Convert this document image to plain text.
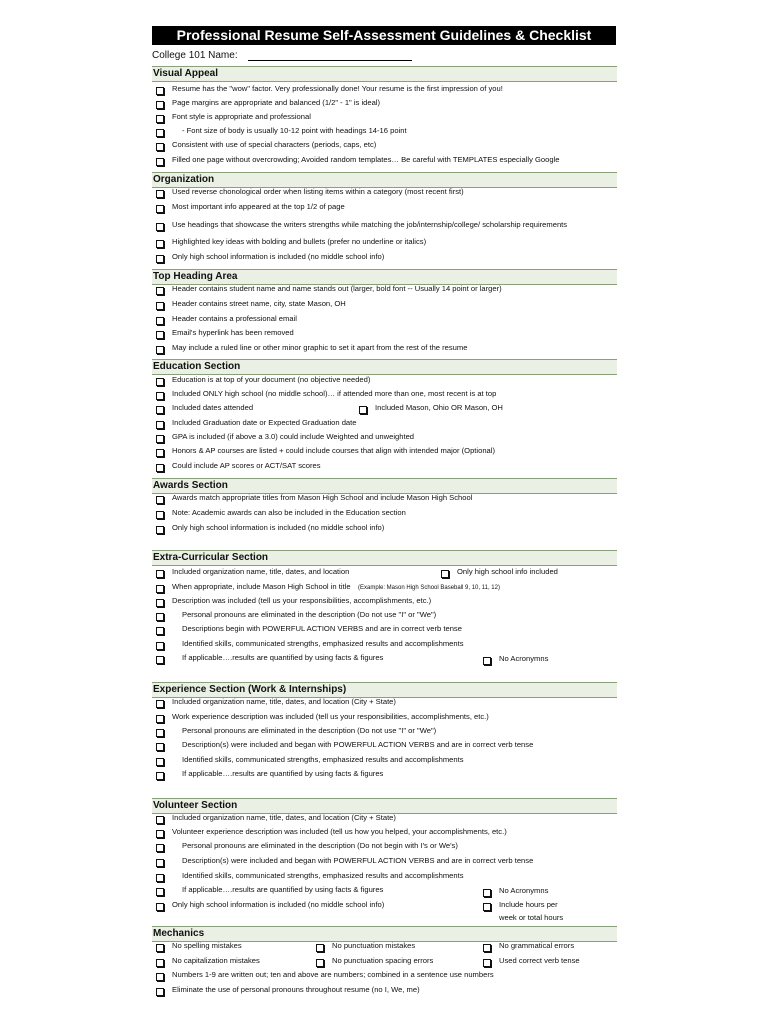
Professional Resume Self-Assessment Guidelines & Checklist
College 101 Name:
Visual Appeal
Resume has the "wow" factor. Very professionally done! Your resume is the first impression of you!
Page margins are appropriate and balanced (1/2" - 1" is ideal)
Font style is appropriate and professional
- Font size of body is usually 10-12 point with headings 14-16 point
Consistent with use of special characters (periods, caps, etc)
Filled one page without overcrowding; Avoided random templates… Be careful with TEMPLATES especially Google
Organization
Used reverse chonological order when listing items within a category (most recent first)
Most important info appeared at the top 1/2 of page
Use headings that showcase the writers strengths while matching the job/internship/college/ scholarship requirements
Highlighted key ideas with bolding and bullets (prefer no underline or italics)
Only high school information is included (no middle school info)
Top Heading Area
Header contains student name and name stands out (larger, bold font -- Usually 14 point or larger)
Header contains street name, city, state Mason, OH
Header contains a professional email
Email's hyperlink has been removed
May include a ruled line or other minor graphic to set it apart from the rest of the resume
Education Section
Education is at top of your document (no objective needed)
Included ONLY high school (no middle school)… if attended more than one, most recent is at top
Included dates attended	Included Mason, Ohio OR Mason, OH
Included Graduation date or Expected Graduation date
GPA is included (if above a 3.0) could include Weighted and unweighted
Honors & AP courses are listed + could include courses that align with intended major (Optional)
Could include AP scores or ACT/SAT scores
Awards Section
Awards match appropriate titles from Mason High School and include Mason High School
Note: Academic awards can also be included in the Education section
Only high school information is included (no middle school info)
Extra-Curricular Section
Included organization name, title, dates, and location	Only high school info included
When appropriate, include Mason High School in title (Example: Mason High School Baseball 9, 10, 11, 12)
Description was included (tell us your responsibilities, accomplishments, etc.)
Personal pronouns are eliminated in the description (Do not use "I" or "We")
Descriptions begin with POWERFUL ACTION VERBS and are in correct verb tense
Identified skills, communicated strengths, emphasized results and accomplishments
If applicable….results are quantified by using facts & figures	No Acronymns
Experience Section (Work & Internships)
Included organization name, title, dates, and location (City + State)
Work experience description was included (tell us your responsibilities, accomplishments, etc.)
Personal pronouns are eliminated in the description (Do not use "I" or "We")
Description(s) were included and began with POWERFUL ACTION VERBS and are in correct verb tense
Identified skills, communicated strengths, emphasized results and accomplishments
If applicable….results are quantified by using facts & figures
Volunteer Section
Included organization name, title, dates, and location (City + State)
Volunteer experience description was included (tell us how you helped, your accomplishments, etc.)
Personal pronouns are eliminated in the description (Do not begin with I's or We's)
Description(s) were included and began with POWERFUL ACTION VERBS and are in correct verb tense
Identified skills, communicated strengths, emphasized results and accomplishments
If applicable….results are quantified by using facts & figures	No Acronymns
Only high school information is included (no middle school info)	Include hours per
week or total hours
Mechanics
No spelling mistakes	No punctuation mistakes	No grammatical errors
No capitalization mistakes	No punctuation spacing errors	Used correct verb tense
Numbers 1-9 are written out; ten and above are numbers; combined in a sentence use numbers
Eliminate the use of personal pronouns throughout resume (no I, We, me)
